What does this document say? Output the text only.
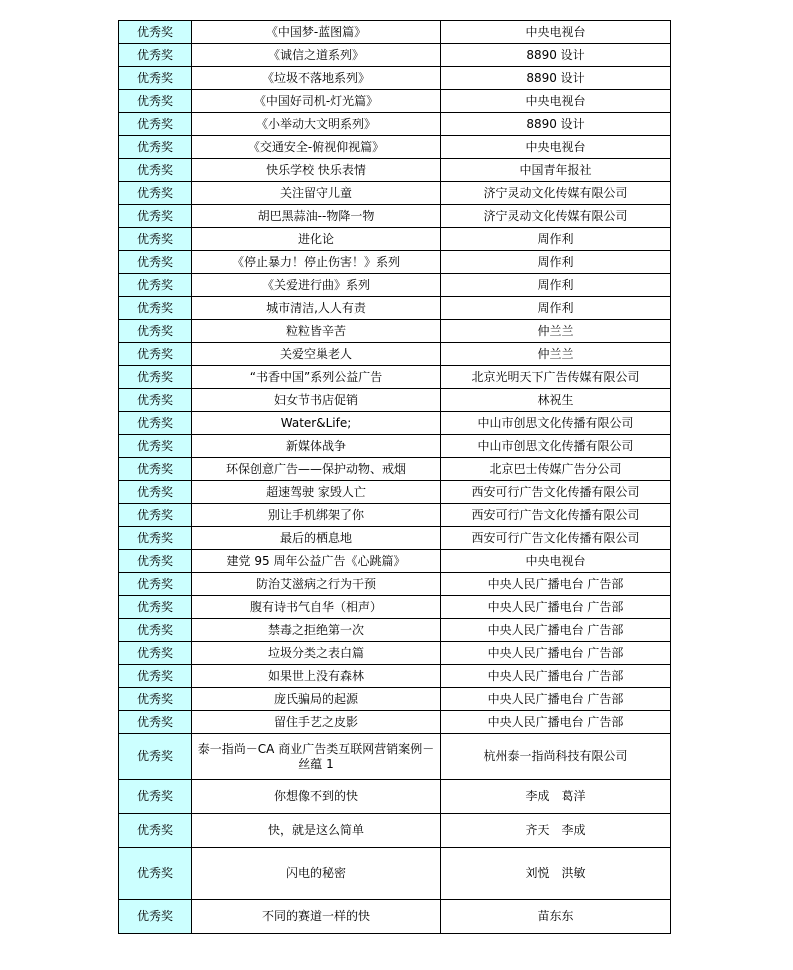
优秀奖	《中国梦-蓝图篇》	中央电视台
优秀奖	《诚信之道系列》	8890 设计
优秀奖	《垃圾不落地系列》	8890 设计
优秀奖	《中国好司机-灯光篇》	中央电视台
优秀奖	《小举动大文明系列》	8890 设计
优秀奖	《交通安全-俯视仰视篇》	中央电视台
优秀奖	快乐学校 快乐表情	中国青年报社
优秀奖	关注留守儿童	济宁灵动文化传媒有限公司
优秀奖	胡巴黑蒜油--物降一物	济宁灵动文化传媒有限公司
优秀奖	进化论	周作利
优秀奖	《停止暴力！停止伤害！》系列	周作利
优秀奖	《关爱进行曲》系列	周作利
优秀奖	城市清洁,人人有责	周作利
优秀奖	粒粒皆辛苦	仲兰兰
优秀奖	关爱空巢老人	仲兰兰
优秀奖	“书香中国”系列公益广告	北京光明天下广告传媒有限公司
优秀奖	妇女节书店促销	林祝生
优秀奖	Water&Life;	中山市创思文化传播有限公司
优秀奖	新媒体战争	中山市创思文化传播有限公司
优秀奖	环保创意广告——保护动物、戒烟	北京巴士传媒广告分公司
优秀奖	超速驾驶 家毁人亡	西安可行广告文化传播有限公司
优秀奖	别让手机绑架了你	西安可行广告文化传播有限公司
优秀奖	最后的栖息地	西安可行广告文化传播有限公司
优秀奖	建党 95 周年公益广告《心跳篇》	中央电视台
优秀奖	防治艾滋病之行为干预	中央人民广播电台 广告部
优秀奖	腹有诗书气自华（相声）	中央人民广播电台 广告部
优秀奖	禁毒之拒绝第一次	中央人民广播电台 广告部
优秀奖	垃圾分类之表白篇	中央人民广播电台 广告部
优秀奖	如果世上没有森林	中央人民广播电台 广告部
优秀奖	庞氏骗局的起源	中央人民广播电台 广告部
优秀奖	留住手艺之皮影	中央人民广播电台 广告部
优秀奖	泰一指尚－CA 商业广告类互联网营销案例－丝蕴 1	杭州泰一指尚科技有限公司
优秀奖	你想像不到的快	李成　葛洋
优秀奖	快，就是这么简单	齐天　李成
优秀奖	闪电的秘密	刘悦　洪敏
优秀奖	不同的赛道一样的快	苗东东
